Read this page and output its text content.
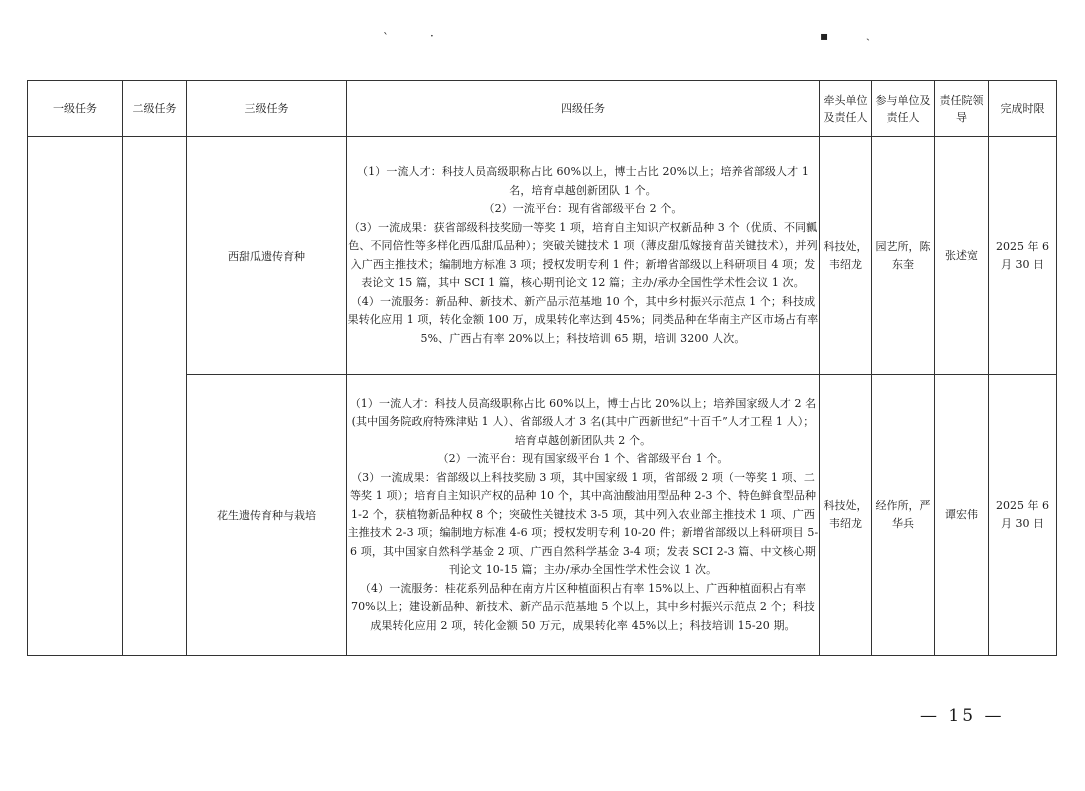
ˋ	·	▪	ˎ
一级任务	二级任务	三级任务	四级任务	牵头单位及责任人	参与单位及责任人	责任院领导	完成时限
		西甜瓜遗传育种	（1）一流人才：科技人员高级职称占比 60%以上，博士占比 20%以上；培养省部级人才 1 名，培育卓越创新团队 1 个。
（2）一流平台：现有省部级平台 2 个。
（3）一流成果：获省部级科技奖励一等奖 1 项，培育自主知识产权新品种 3 个（优质、不同瓤色、不同倍性等多样化西瓜甜瓜品种）；突破关键技术 1 项（薄皮甜瓜嫁接育苗关键技术），并列入广西主推技术；编制地方标准 3 项；授权发明专利 1 件；新增省部级以上科研项目 4 项；发表论文 15 篇，其中 SCI 1 篇，核心期刊论文 12 篇；主办/承办全国性学术性会议 1 次。
（4）一流服务：新品种、新技术、新产品示范基地 10 个，其中乡村振兴示范点 1 个；科技成果转化应用 1 项，转化金额 100 万，成果转化率达到 45%；同类品种在华南主产区市场占有率 5%、广西占有率 20%以上；科技培训 65 期，培训 3200 人次。	科技处，韦绍龙	园艺所，陈东奎	张述宽	2025 年 6 月 30 日
		花生遗传育种与栽培	（1）一流人才：科技人员高级职称占比 60%以上，博士占比 20%以上；培养国家级人才 2 名(其中国务院政府特殊津贴 1 人）、省部级人才 3 名(其中广西新世纪“十百千”人才工程 1 人）；培育卓越创新团队共 2 个。
（2）一流平台：现有国家级平台 1 个、省部级平台 1 个。
（3）一流成果：省部级以上科技奖励 3 项，其中国家级 1 项，省部级 2 项（一等奖 1 项、二等奖 1 项）；培育自主知识产权的品种 10 个，其中高油酸油用型品种 2-3 个、特色鲜食型品种 1-2 个，获植物新品种权 8 个；突破性关键技术 3-5 项，其中列入农业部主推技术 1 项、广西主推技术 2-3 项；编制地方标准 4-6 项；授权发明专利 10-20 件；新增省部级以上科研项目 5-6 项，其中国家自然科学基金 2 项、广西自然科学基金 3-4 项；发表 SCI 2-3 篇、中文核心期刊论文 10-15 篇；主办/承办全国性学术性会议 1 次。
（4）一流服务：桂花系列品种在南方片区种植面积占有率 15%以上、广西种植面积占有率 70%以上；建设新品种、新技术、新产品示范基地 5 个以上，其中乡村振兴示范点 2 个；科技成果转化应用 2 项，转化金额 50 万元，成果转化率 45%以上；科技培训 15-20 期。	科技处，韦绍龙	经作所，严华兵	谭宏伟	2025 年 6 月 30 日
— 15 —
